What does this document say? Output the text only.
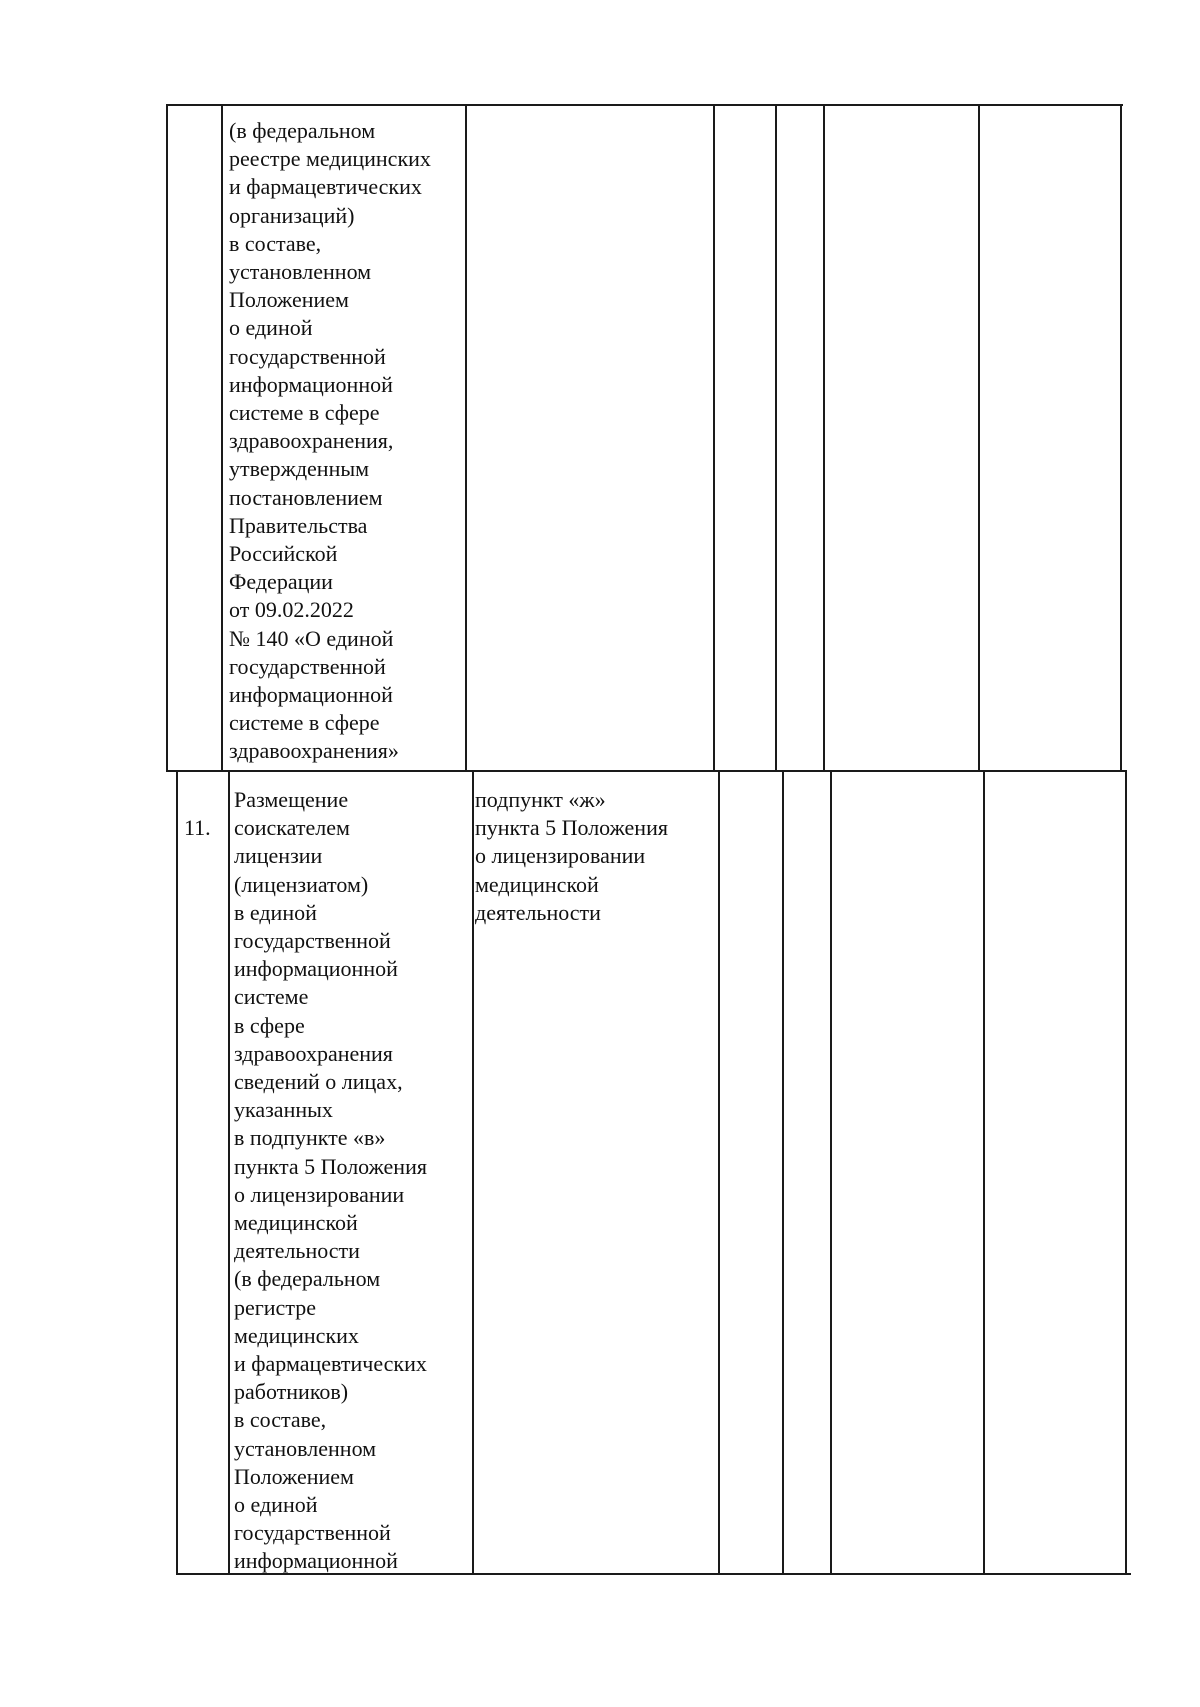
(в федеральном
реестре медицинских
и фармацевтических
организаций)
в составе,
установленном
Положением
о единой
государственной
информационной
системе в сфере
здравоохранения,
утвержденным
постановлением
Правительства
Российской
Федерации
от 09.02.2022
№ 140 «О единой
государственной
информационной
системе в сфере
здравоохранения»
11.
Размещение
соискателем
лицензии
(лицензиатом)
в единой
государственной
информационной
системе
в сфере
здравоохранения
сведений о лицах,
указанных
в подпункте «в»
пункта 5 Положения
о лицензировании
медицинской
деятельности
(в федеральном
регистре
медицинских
и фармацевтических
работников)
в составе,
установленном
Положением
о единой
государственной
информационной
подпункт «ж»
пункта 5 Положения
о лицензировании
медицинской
деятельности
